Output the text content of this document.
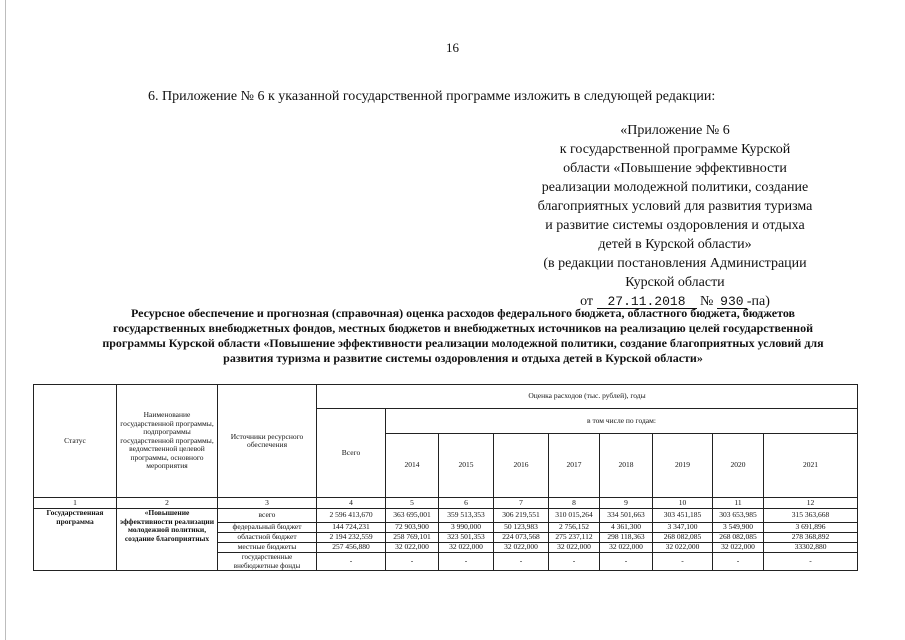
16
6. Приложение № 6 к указанной государственной программе изложить в следующей редакции:
«Приложение № 6
к государственной программе Курской
области «Повышение эффективности
реализации молодежной политики, создание
благоприятных условий для развития туризма
и развитие системы оздоровления и отдыха
детей в Курской области»
(в редакции постановления Администрации
Курской области
от 27.11.2018 № 930 -па)
Ресурсное обеспечение и прогнозная (справочная) оценка расходов федерального бюджета, областного бюджета, бюджетов государственных внебюджетных фондов, местных бюджетов и внебюджетных источников на реализацию целей государственной программы Курской области «Повышение эффективности реализации молодежной политики, создание благоприятных условий для развития туризма и развитие системы оздоровления и отдыха детей в Курской области»
Статус	Наименование государственной программы, подпрограммы государственной программы, ведомственной целевой программы, основного мероприятия	Источники ресурсного обеспечения	Оценка расходов (тыс. рублей), годы								
			Всего	в том числе по годам:							
				2014	2015	2016	2017	2018	2019	2020	2021
1	2	3	4	5	6	7	8	9	10	11	12
Государственная программа	«Повышение эффективности реализации молодежной политики, создание благоприятных	всего	2 596 413,670	363 695,001	359 513,353	306 219,551	310 015,264	334 501,663	303 451,185	303 653,985	315 363,668
		федеральный бюджет	144 724,231	72 903,900	3 990,000	50 123,983	2 756,152	4 361,300	3 347,100	3 549,900	3 691,896
		областной бюджет	2 194 232,559	258 769,101	323 501,353	224 073,568	275 237,112	298 118,363	268 082,085	268 082,085	278 368,892
		местные бюджеты	257 456,880	32 022,000	32 022,000	32 022,000	32 022,000	32 022,000	32 022,000	32 022,000	33302,880
		государственные внебюджетные фонды	-	-	-	-	-	-	-	-	-
